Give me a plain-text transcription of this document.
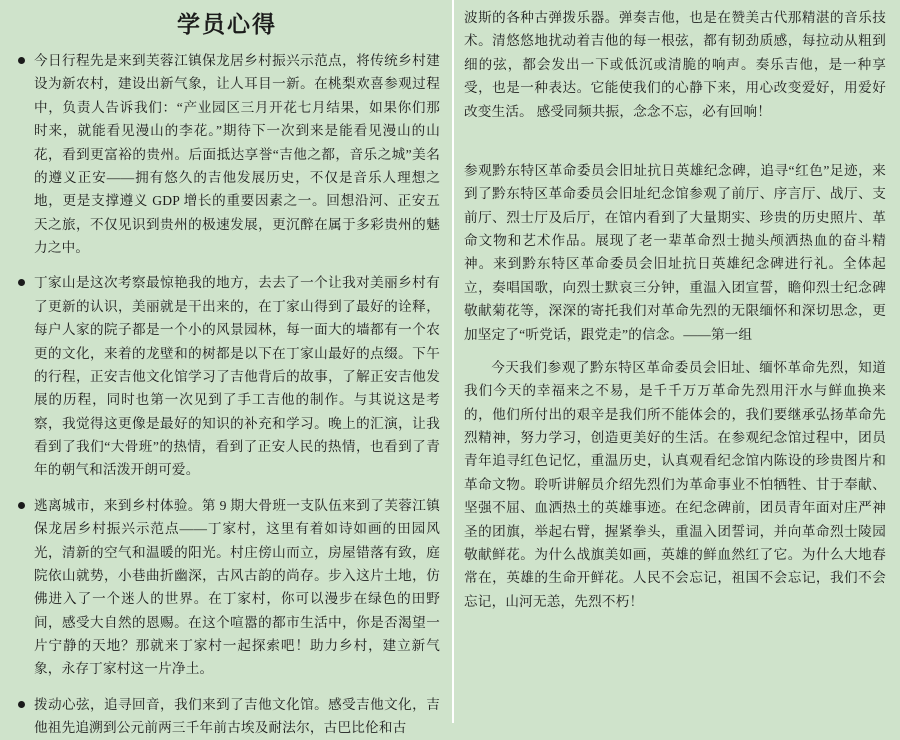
学员心得
今日行程先是来到芙蓉江镇保龙居乡村振兴示范点，将传统乡村建设为新农村，建设出新气象，让人耳目一新。在桃梨欢喜参观过程中，负责人告诉我们：“产业园区三月开花七月结果，如果你们那时来，就能看见漫山的李花。”期待下一次到来是能看见漫山的山花，看到更富裕的贵州。后面抵达享誉“吉他之都，音乐之城”美名的遵义正安——拥有悠久的吉他发展历史，不仅是音乐人理想之地，更是支撑遵义 GDP 增长的重要因素之一。回想沿河、正安五天之旅，不仅见识到贵州的极速发展，更沉醉在属于多彩贵州的魅力之中。
丁家山是这次考察最惊艳我的地方，去去了一个让我对美丽乡村有了更新的认识，美丽就是干出来的，在丁家山得到了最好的诠释，每户人家的院子都是一个小的风景园林，每一面大的墙都有一个农更的文化，来着的龙壁和的树都是以下在丁家山最好的点缀。下午的行程，正安吉他文化馆学习了吉他背后的故事，了解正安吉他发展的历程，同时也第一次见到了手工吉他的制作。与其说这是考察，我觉得这更像是最好的知识的补充和学习。晚上的汇演，让我看到了我们“大骨班”的热情，看到了正安人民的热情，也看到了青年的朝气和活泼开朗可爱。
逃离城市，来到乡村体验。第 9 期大骨班一支队伍来到了芙蓉江镇保龙居乡村振兴示范点——丁家村，这里有着如诗如画的田园风光，清新的空气和温暖的阳光。村庄傍山而立，房屋错落有致，庭院依山就势，小巷曲折幽深，古风古韵的尚存。步入这片土地，仿佛进入了一个迷人的世界。在丁家村，你可以漫步在绿色的田野间，感受大自然的恩赐。在这个喧嚣的都市生活中，你是否渴望一片宁静的天地？那就来丁家村一起探索吧！助力乡村，建立新气象，永存丁家村这一片净土。
拨动心弦，追寻回音，我们来到了吉他文化馆。感受吉他文化，吉他祖先追溯到公元前两三千年前古埃及耐法尔，古巴比伦和古
波斯的各种古弹拨乐器。弹奏吉他，也是在赞美古代那精湛的音乐技术。清悠悠地扰动着吉他的每一根弦，都有韧劲质感，每拉动从粗到细的弦，都会发出一下或低沉或清脆的响声。奏乐吉他，是一种享受，也是一种表达。它能使我们的心静下来，用心改变爱好，用爱好改变生活。 感受同频共振，念念不忘，必有回响！
参观黔东特区革命委员会旧址抗日英雄纪念碑，追寻“红色”足迹，来到了黔东特区革命委员会旧址纪念馆参观了前厅、序言厅、战厅、支前厅、烈士厅及后厅，在馆内看到了大量期实、珍贵的历史照片、革命文物和艺术作品。展现了老一辈革命烈士抛头颅洒热血的奋斗精神。来到黔东特区革命委员会旧址抗日英雄纪念碑进行礼。全体起立，奏唱国歌，向烈士默哀三分钟，重温入团宣誓，瞻仰烈士纪念碑敬献菊花等，深深的寄托我们对革命先烈的无限缅怀和深切思念，更加坚定了“听党话，跟党走”的信念。——第一组
今天我们参观了黔东特区革命委员会旧址、缅怀革命先烈，知道我们今天的幸福来之不易，是千千万万革命先烈用汗水与鲜血换来的，他们所付出的艰辛是我们所不能体会的，我们要继承弘扬革命先烈精神，努力学习，创造更美好的生活。在参观纪念馆过程中，团员青年追寻红色记忆，重温历史，认真观看纪念馆内陈设的珍贵图片和革命文物。聆听讲解员介绍先烈们为革命事业不怕牺牲、甘于奉献、坚强不屈、血洒热土的英雄事迹。在纪念碑前，团员青年面对庄严神圣的团旗，举起右臂，握紧拳头，重温入团誓词，并向革命烈士陵园敬献鲜花。为什么战旗美如画，英雄的鲜血然红了它。为什么大地春常在，英雄的生命开鲜花。人民不会忘记，祖国不会忘记，我们不会忘记，山河无恙，先烈不朽！
